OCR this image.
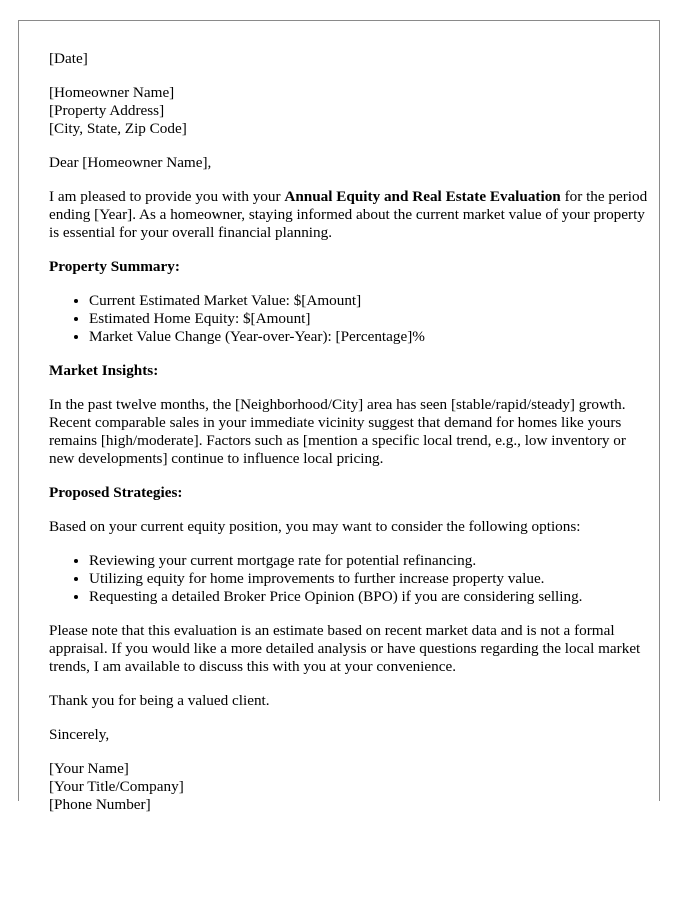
[Date]

[Homeowner Name]
[Property Address]
[City, State, Zip Code]

Dear [Homeowner Name],

I am pleased to provide you with your Annual Equity and Real Estate Evaluation for the period ending [Year]. As a homeowner, staying informed about the current market value of your property is essential for your overall financial planning.

Property Summary:

• Current Estimated Market Value: $[Amount]
• Estimated Home Equity: $[Amount]
• Market Value Change (Year-over-Year): [Percentage]%

Market Insights:

In the past twelve months, the [Neighborhood/City] area has seen [stable/rapid/steady] growth. Recent comparable sales in your immediate vicinity suggest that demand for homes like yours remains [high/moderate]. Factors such as [mention a specific local trend, e.g., low inventory or new developments] continue to influence local pricing.

Proposed Strategies:

Based on your current equity position, you may want to consider the following options:

• Reviewing your current mortgage rate for potential refinancing.
• Utilizing equity for home improvements to further increase property value.
• Requesting a detailed Broker Price Opinion (BPO) if you are considering selling.

Please note that this evaluation is an estimate based on recent market data and is not a formal appraisal. If you would like a more detailed analysis or have questions regarding the local market trends, I am available to discuss this with you at your convenience.

Thank you for being a valued client.

Sincerely,

[Your Name]
[Your Title/Company]
[Phone Number]
